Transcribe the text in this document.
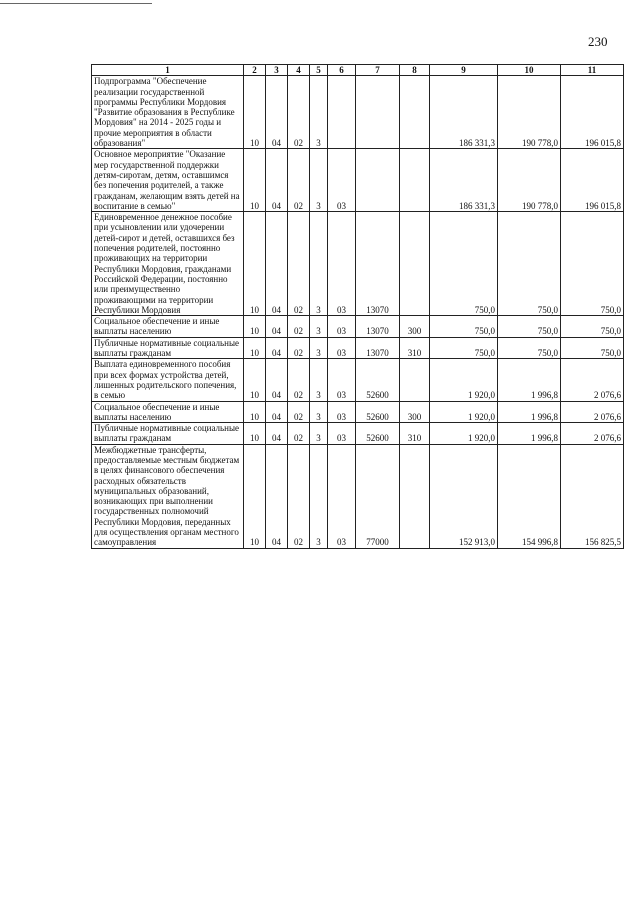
230
1	2	3	4	5	6	7	8	9	10	11
Подпрограмма "Обеспечение реализации государственной программы Республики Мордовия "Развитие образования в Республике Мордовия" на 2014 - 2025 годы и прочие мероприятия в области образования"	10	04	02	3				186 331,3	190 778,0	196 015,8
Основное мероприятие "Оказание мер государственной поддержки детям-сиротам, детям, оставшимся без попечения родителей, а также гражданам, желающим взять детей на воспитание в семью"	10	04	02	3	03			186 331,3	190 778,0	196 015,8
Единовременное денежное пособие при усыновлении или удочерении детей-сирот и детей, оставшихся без попечения родителей, постоянно проживающих на территории Республики Мордовия, гражданами Российской Федерации, постоянно или преимущественно проживающими на территории Республики Мордовия	10	04	02	3	03	13070		750,0	750,0	750,0
Социальное обеспечение и иные выплаты населению	10	04	02	3	03	13070	300	750,0	750,0	750,0
Публичные нормативные социальные выплаты гражданам	10	04	02	3	03	13070	310	750,0	750,0	750,0
Выплата единовременного пособия при всех формах устройства детей, лишенных родительского попечения, в семью	10	04	02	3	03	52600		1 920,0	1 996,8	2 076,6
Социальное обеспечение и иные выплаты населению	10	04	02	3	03	52600	300	1 920,0	1 996,8	2 076,6
Публичные нормативные социальные выплаты гражданам	10	04	02	3	03	52600	310	1 920,0	1 996,8	2 076,6
Межбюджетные трансферты, предоставляемые местным бюджетам в целях финансового обеспечения расходных обязательств муниципальных образований, возникающих при выполнении государственных полномочий Республики Мордовия, переданных для осуществления органам местного самоуправления	10	04	02	3	03	77000		152 913,0	154 996,8	156 825,5
